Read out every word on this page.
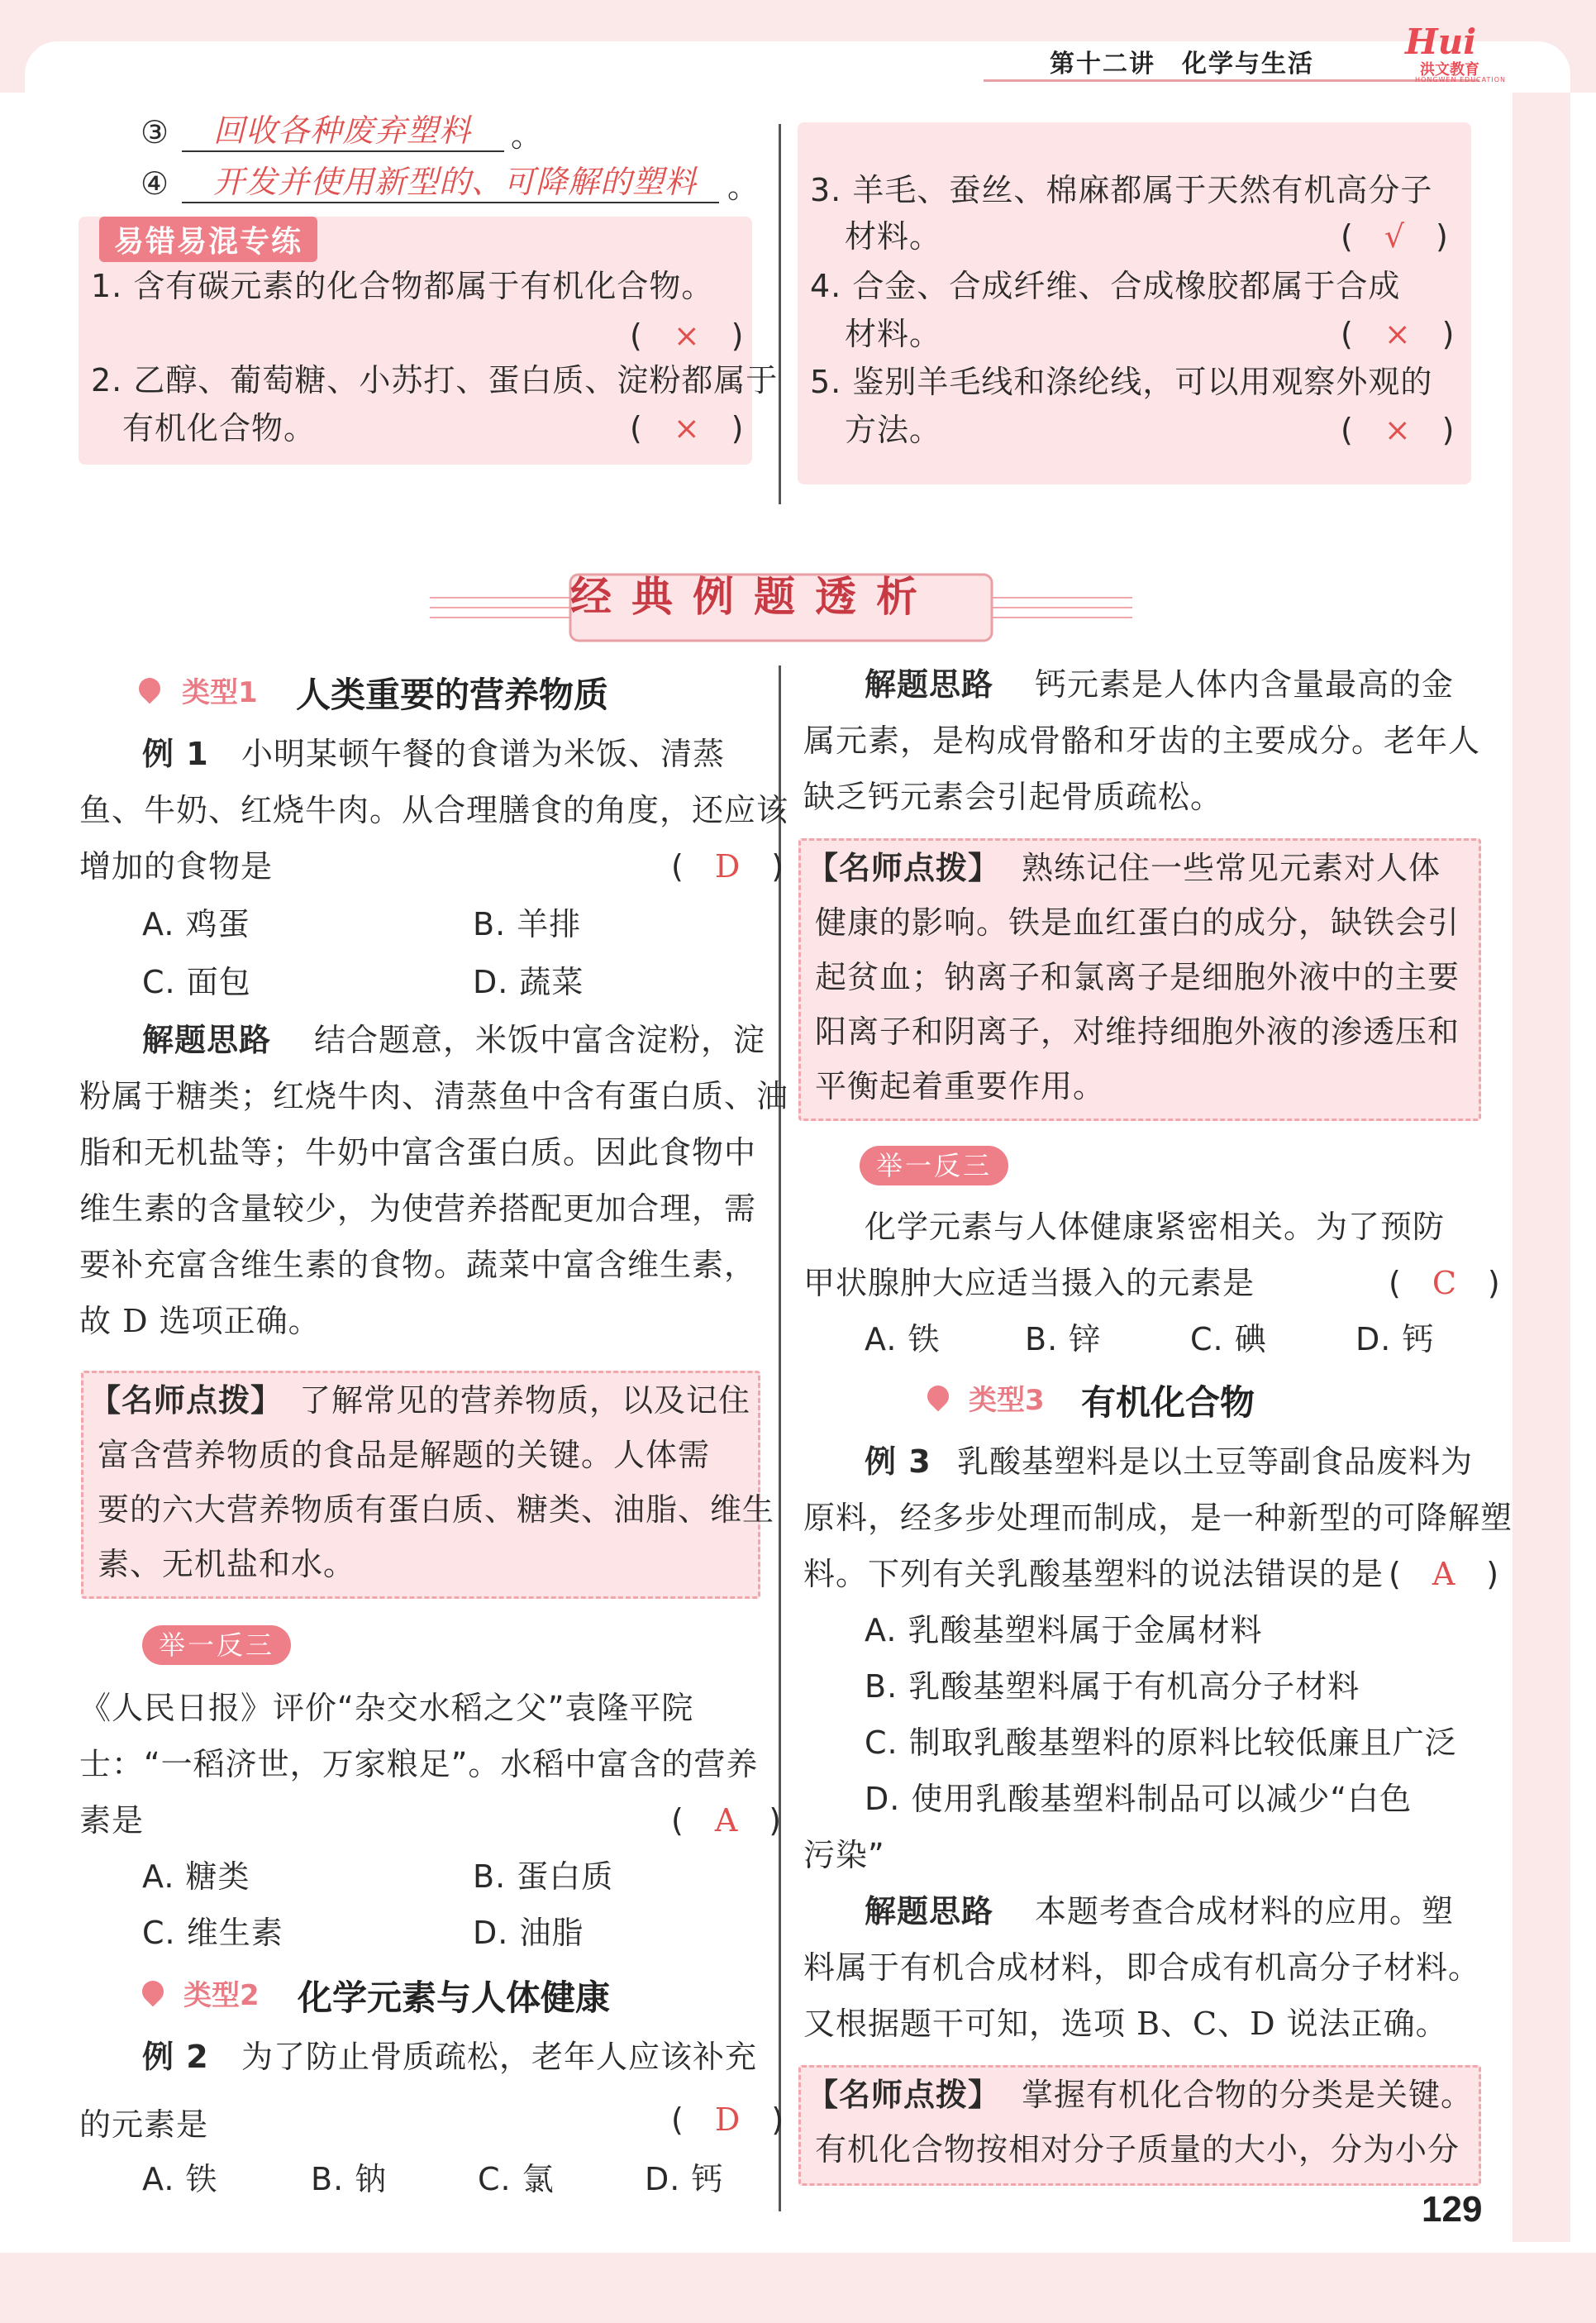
第十二讲　化学与生活
Hui
洪文教育
HONGWEN EDUCATION
129
③ 回收各种废弃塑料 。
④ 开发并使用新型的、可降解的塑料 。
易错易混专练
1. 含有碳元素的化合物都属于有机化合物。
(　×　)
2. 乙醇、葡萄糖、小苏打、蛋白质、淀粉都属于
有机化合物。	(　×　)
3. 羊毛、蚕丝、棉麻都属于天然有机高分子
材料。	(　√　)
4. 合金、合成纤维、合成橡胶都属于合成
材料。	(　×　)
5. 鉴别羊毛线和涤纶线，可以用观察外观的
方法。	(　×　)
经典例题透析
类型1 人类重要的营养物质
例 1 小明某顿午餐的食谱为米饭、清蒸
鱼、牛奶、红烧牛肉。从合理膳食的角度，还应该
增加的食物是	(　D　)
A. 鸡蛋	B. 羊排
C. 面包	D. 蔬菜
解题思路 结合题意，米饭中富含淀粉，淀
粉属于糖类；红烧牛肉、清蒸鱼中含有蛋白质、油
脂和无机盐等；牛奶中富含蛋白质。因此食物中
维生素的含量较少，为使营养搭配更加合理，需
要补充富含维生素的食物。蔬菜中富含维生素，
故 D 选项正确。
【名师点拨】 了解常见的营养物质，以及记住
富含营养物质的食品是解题的关键。人体需
要的六大营养物质有蛋白质、糖类、油脂、维生
素、无机盐和水。
举一反三
《人民日报》评价“杂交水稻之父”袁隆平院
士：“一稻济世，万家粮足”。水稻中富含的营养
素是	(　A　)
A. 糖类	B. 蛋白质
C. 维生素	D. 油脂
类型2 化学元素与人体健康
例 2 为了防止骨质疏松，老年人应该补充
的元素是	(　D　)
A. 铁	B. 钠	C. 氯	D. 钙
解题思路 钙元素是人体内含量最高的金
属元素，是构成骨骼和牙齿的主要成分。老年人
缺乏钙元素会引起骨质疏松。
【名师点拨】 熟练记住一些常见元素对人体
健康的影响。铁是血红蛋白的成分，缺铁会引
起贫血；钠离子和氯离子是细胞外液中的主要
阳离子和阴离子，对维持细胞外液的渗透压和
平衡起着重要作用。
举一反三
化学元素与人体健康紧密相关。为了预防
甲状腺肿大应适当摄入的元素是	(　C　)
A. 铁	B. 锌	C. 碘	D. 钙
类型3 有机化合物
例 3 乳酸基塑料是以土豆等副食品废料为
原料，经多步处理而制成，是一种新型的可降解塑
料。下列有关乳酸基塑料的说法错误的是 (　A　)
A. 乳酸基塑料属于金属材料
B. 乳酸基塑料属于有机高分子材料
C. 制取乳酸基塑料的原料比较低廉且广泛
D. 使用乳酸基塑料制品可以减少“白色
污染”
解题思路 本题考查合成材料的应用。塑
料属于有机合成材料，即合成有机高分子材料。
又根据题干可知，选项 B、C、D 说法正确。
【名师点拨】 掌握有机化合物的分类是关键。
有机化合物按相对分子质量的大小，分为小分
